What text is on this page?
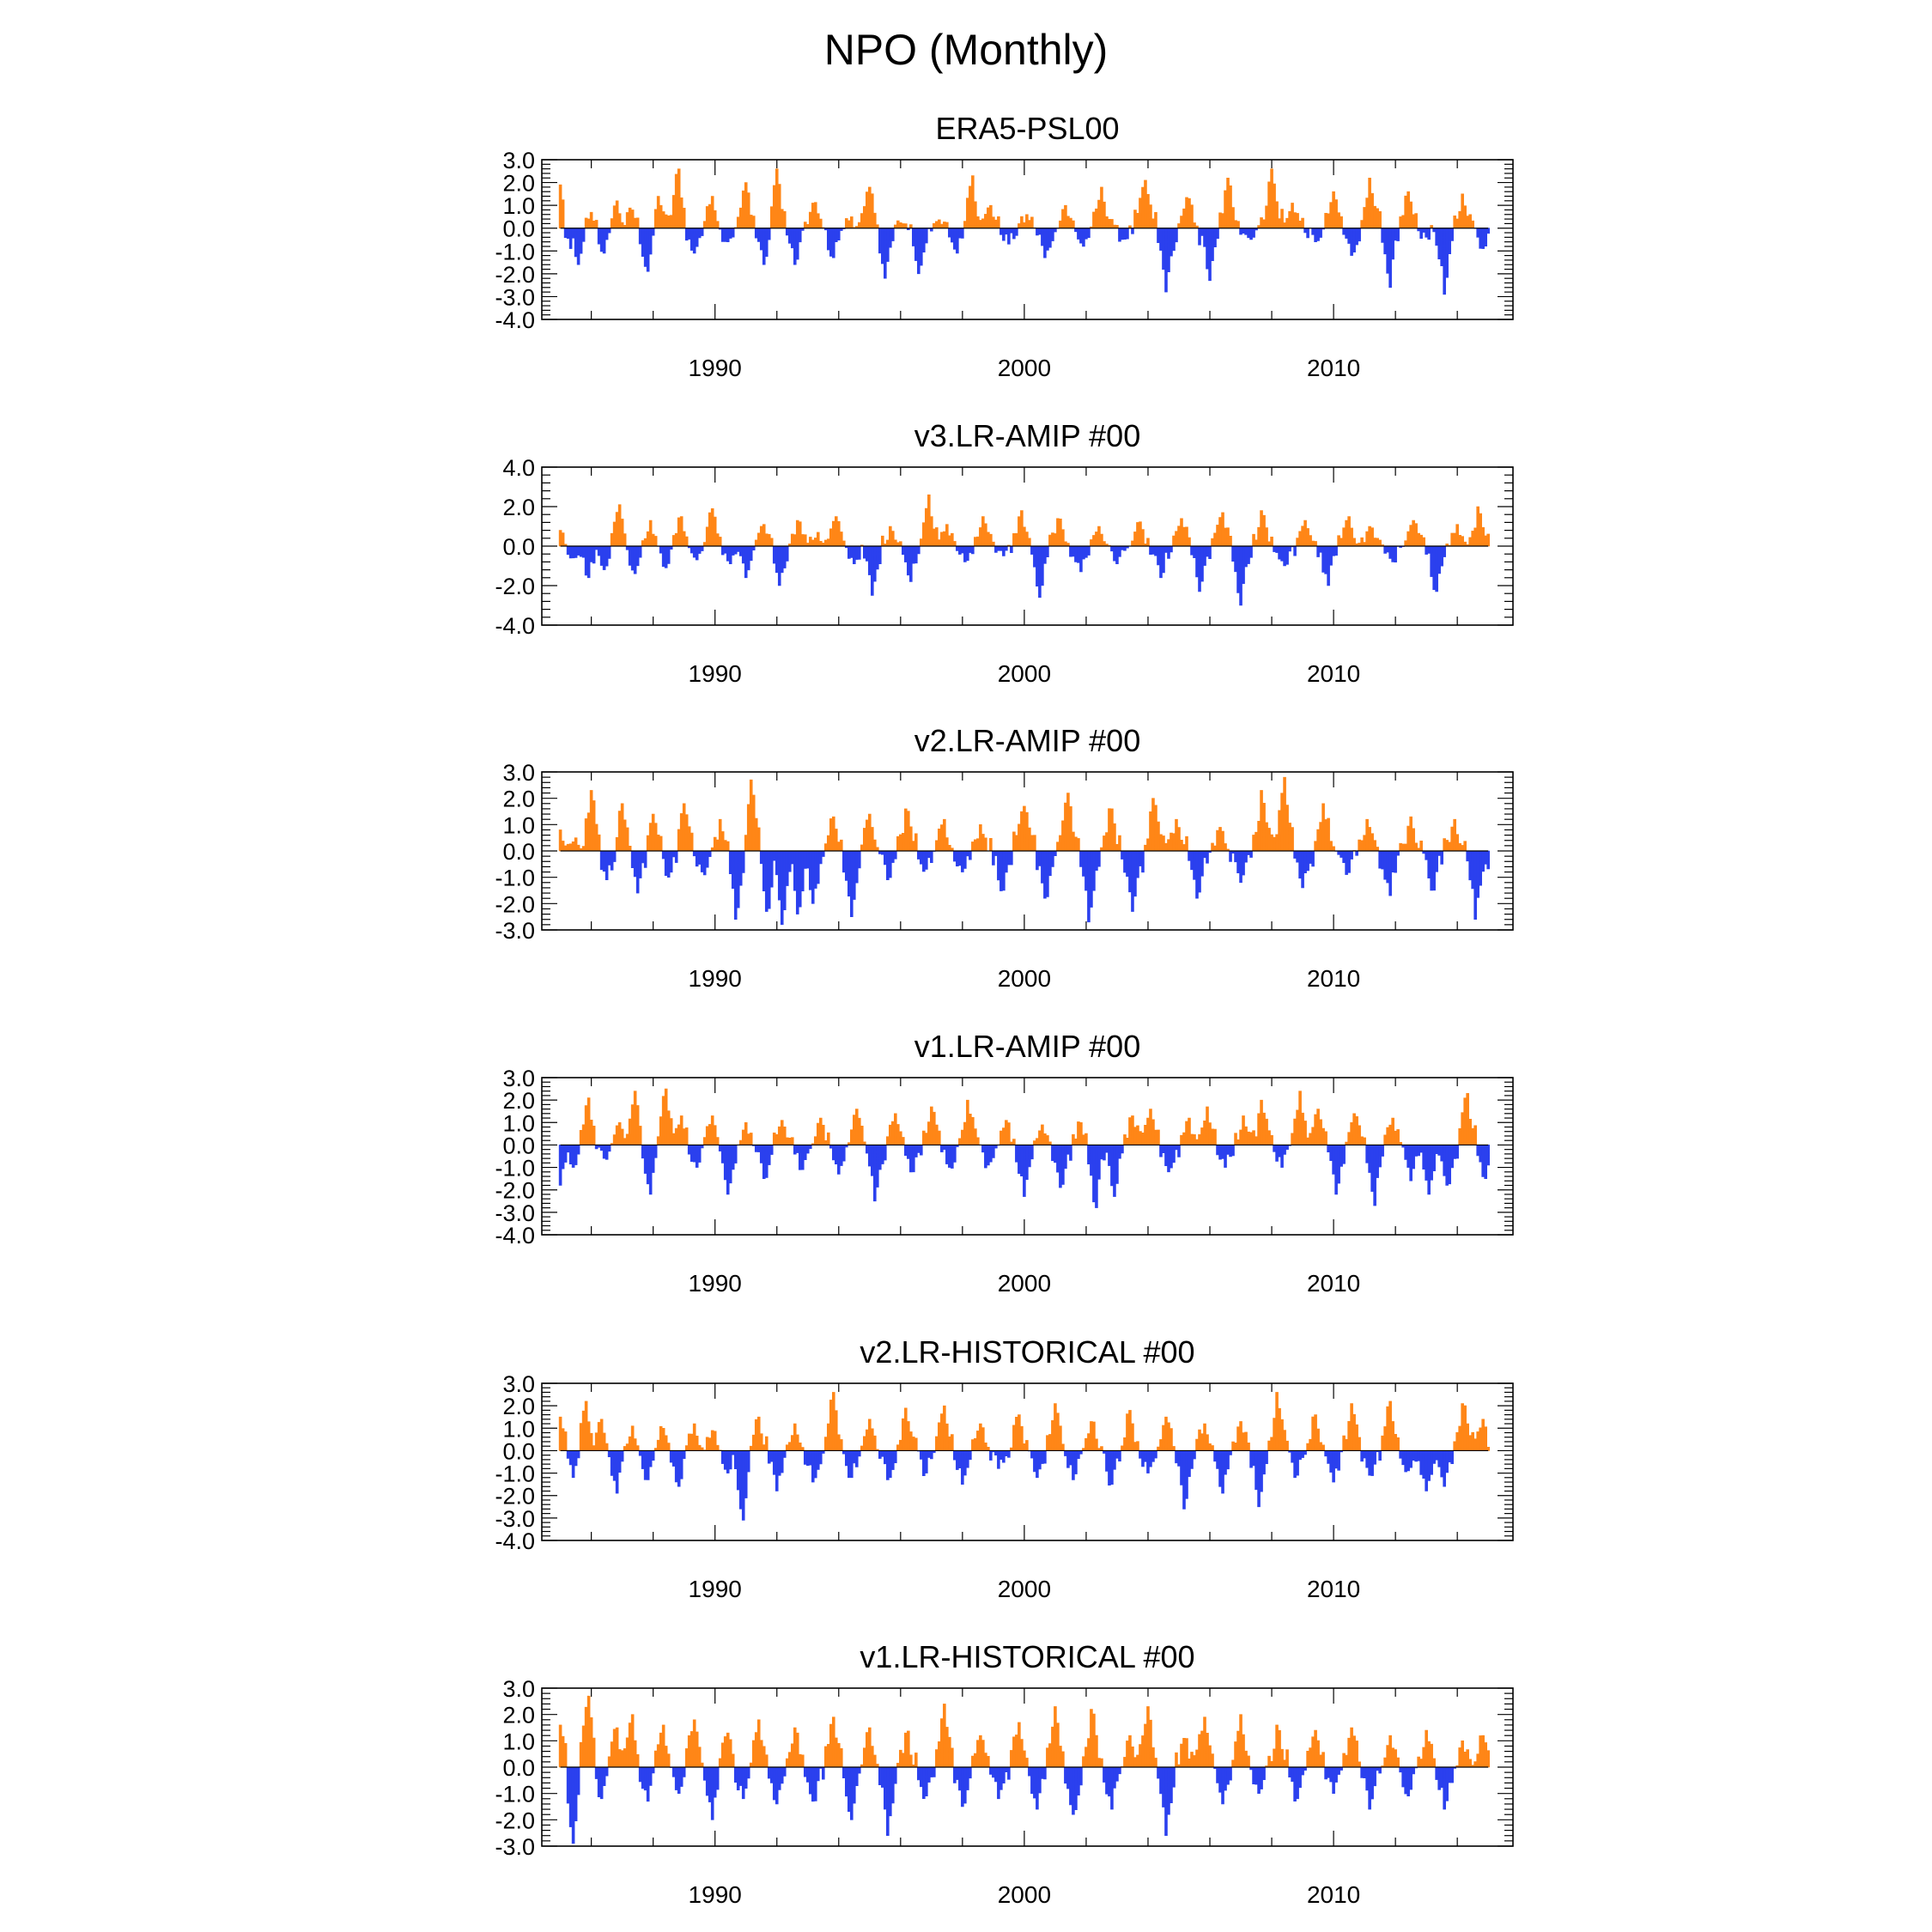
NPO (Monthly)
ERA5-PSL00
3.0
2.0
1.0
0.0
-1.0
-2.0
-3.0
-4.0
1990	2000	2010
v3.LR-AMIP #00
4.0
2.0
0.0
-2.0
-4.0
1990	2000	2010
v2.LR-AMIP #00
3.0
2.0
1.0
0.0
-1.0
-2.0
-3.0
1990	2000	2010
v1.LR-AMIP #00
3.0
2.0
1.0
0.0
-1.0
-2.0
-3.0
-4.0
1990	2000	2010
v2.LR-HISTORICAL #00
3.0
2.0
1.0
0.0
-1.0
-2.0
-3.0
-4.0
1990	2000	2010
v1.LR-HISTORICAL #00
3.0
2.0
1.0
0.0
-1.0
-2.0
-3.0
1990	2000	2010
